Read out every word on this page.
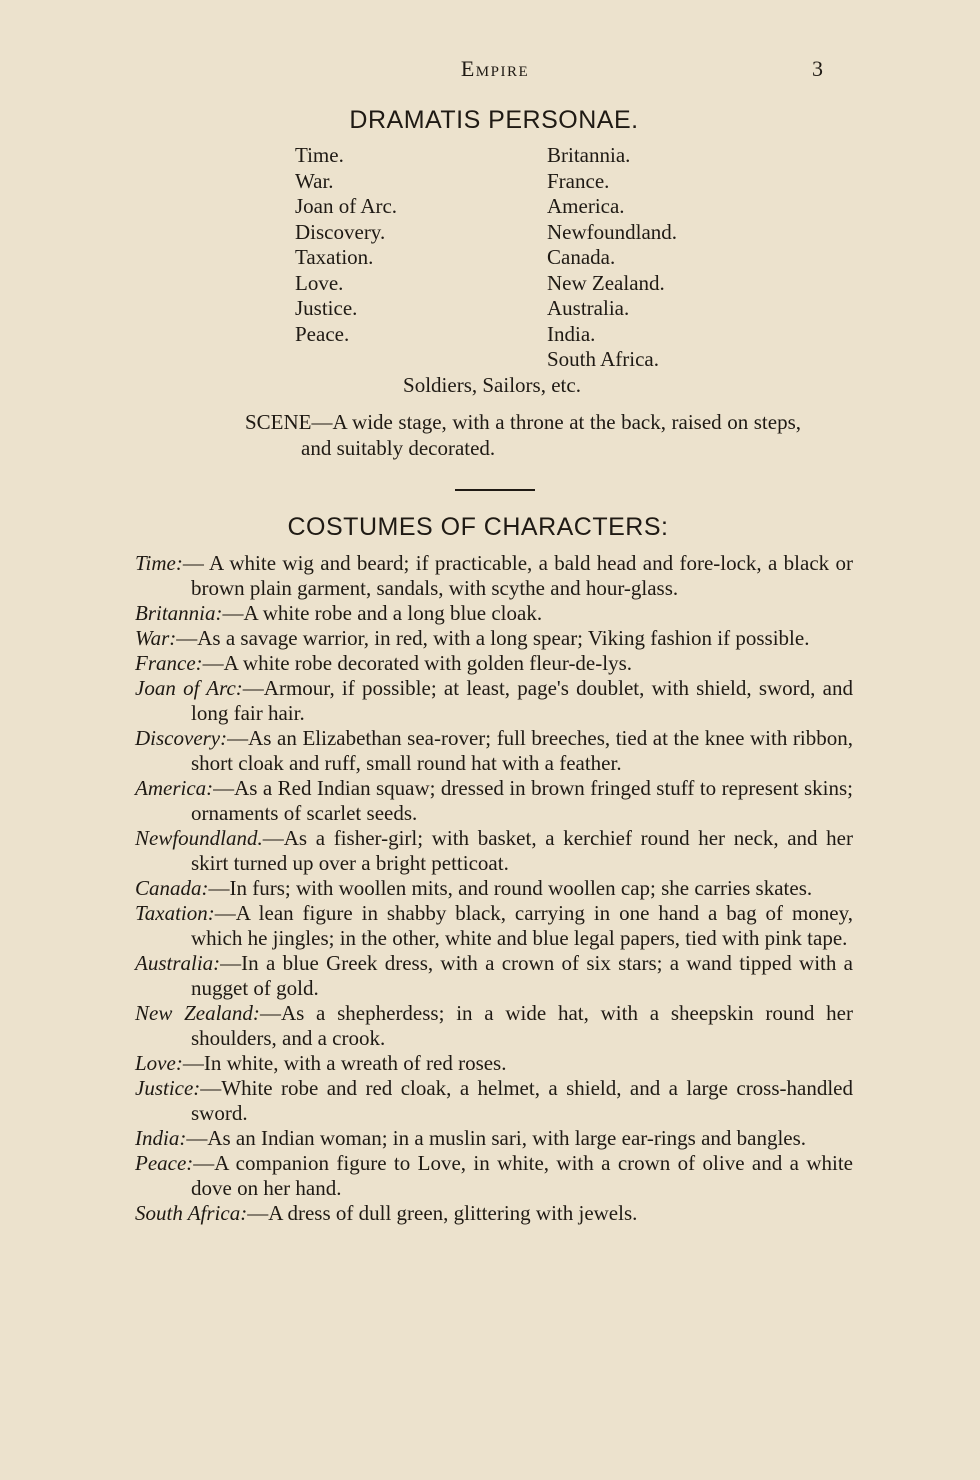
Empire	3
DRAMATIS PERSONAE.
Time.
War.
Joan of Arc.
Discovery.
Taxation.
Love.
Justice.
Peace.
Britannia.
France.
America.
Newfoundland.
Canada.
New Zealand.
Australia.
India.
South Africa.
Soldiers, Sailors, etc.
SCENE—A wide stage, with a throne at the back, raised on steps, and suitably decorated.
COSTUMES OF CHARACTERS:
Time:— A white wig and beard; if practicable, a bald head and fore-lock, a black or brown plain garment, sandals, with scythe and hour-glass.
Britannia:—A white robe and a long blue cloak.
War:—As a savage warrior, in red, with a long spear; Viking fashion if possible.
France:—A white robe decorated with golden fleur-de-lys.
Joan of Arc:—Armour, if possible; at least, page's doublet, with shield, sword, and long fair hair.
Discovery:—As an Elizabethan sea-rover; full breeches, tied at the knee with ribbon, short cloak and ruff, small round hat with a feather.
America:—As a Red Indian squaw; dressed in brown fringed stuff to represent skins; ornaments of scarlet seeds.
Newfoundland.—As a fisher-girl; with basket, a kerchief round her neck, and her skirt turned up over a bright petticoat.
Canada:—In furs; with woollen mits, and round woollen cap; she carries skates.
Taxation:—A lean figure in shabby black, carrying in one hand a bag of money, which he jingles; in the other, white and blue legal papers, tied with pink tape.
Australia:—In a blue Greek dress, with a crown of six stars; a wand tipped with a nugget of gold.
New Zealand:—As a shepherdess; in a wide hat, with a sheepskin round her shoulders, and a crook.
Love:—In white, with a wreath of red roses.
Justice:—White robe and red cloak, a helmet, a shield, and a large cross-handled sword.
India:—As an Indian woman; in a muslin sari, with large ear-rings and bangles.
Peace:—A companion figure to Love, in white, with a crown of olive and a white dove on her hand.
South Africa:—A dress of dull green, glittering with jewels.
